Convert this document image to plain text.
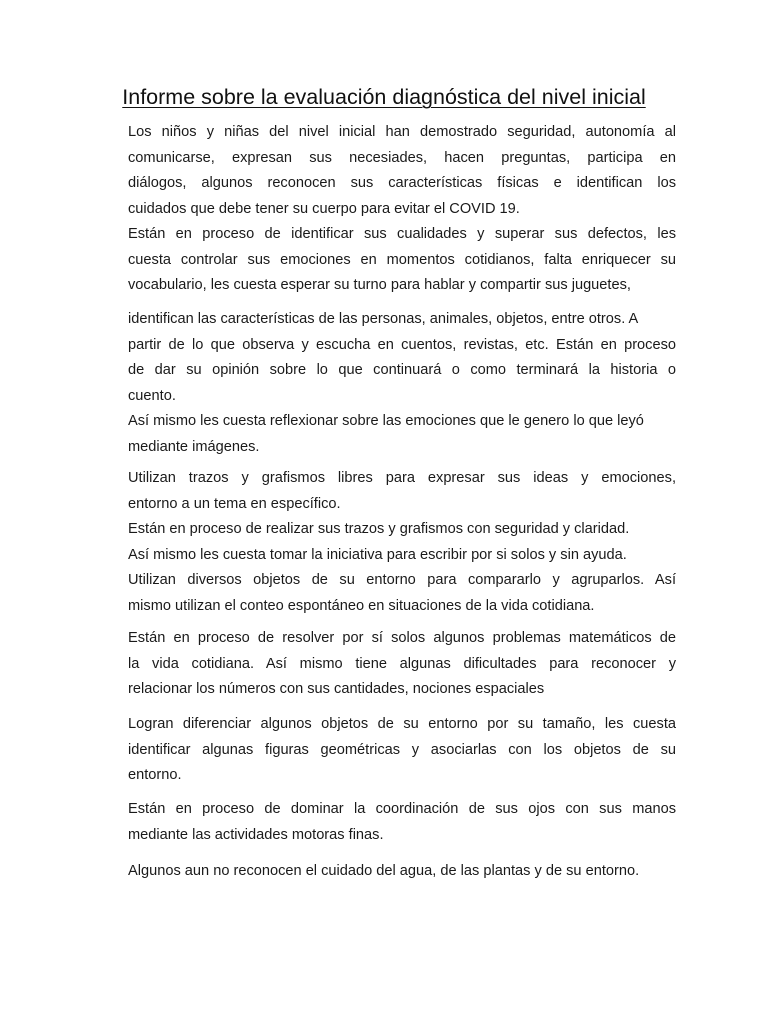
Informe sobre la evaluación diagnóstica del nivel inicial
Los niños y niñas del nivel inicial han demostrado seguridad, autonomía al
comunicarse, expresan sus necesiades, hacen preguntas, participa en
diálogos, algunos reconocen sus características físicas e identifican los
cuidados que debe tener su cuerpo para evitar el COVID 19.
Están en proceso de identificar sus cualidades y superar sus defectos, les
cuesta controlar sus emociones en momentos cotidianos, falta enriquecer su
vocabulario, les cuesta esperar su turno para hablar y compartir sus juguetes,
identifican las características de las personas, animales, objetos, entre otros. A
partir de lo que observa y escucha en cuentos, revistas, etc. Están en proceso
de dar su opinión sobre lo que continuará o como terminará la historia o
cuento.
Así mismo les cuesta reflexionar sobre las emociones que le genero lo que leyó
mediante imágenes.
Utilizan trazos y grafismos libres para expresar sus ideas y emociones,
entorno a un tema en específico.
Están en proceso de realizar sus trazos y grafismos con seguridad y claridad.
Así mismo les cuesta tomar la iniciativa para escribir por si solos y sin ayuda.
Utilizan diversos objetos de su entorno para compararlo y agruparlos. Así
mismo utilizan el conteo espontáneo en situaciones de la vida cotidiana.
Están en proceso de resolver por sí solos algunos problemas matemáticos de
la vida cotidiana. Así mismo tiene algunas dificultades para reconocer y
relacionar los números con sus cantidades, nociones espaciales
Logran diferenciar algunos objetos de su entorno por su tamaño, les cuesta
identificar algunas figuras geométricas y asociarlas con los objetos de su
entorno.
Están en proceso de dominar la coordinación de sus ojos con sus manos
mediante las actividades motoras finas.
Algunos aun no reconocen el cuidado del agua, de las plantas y de su entorno.
